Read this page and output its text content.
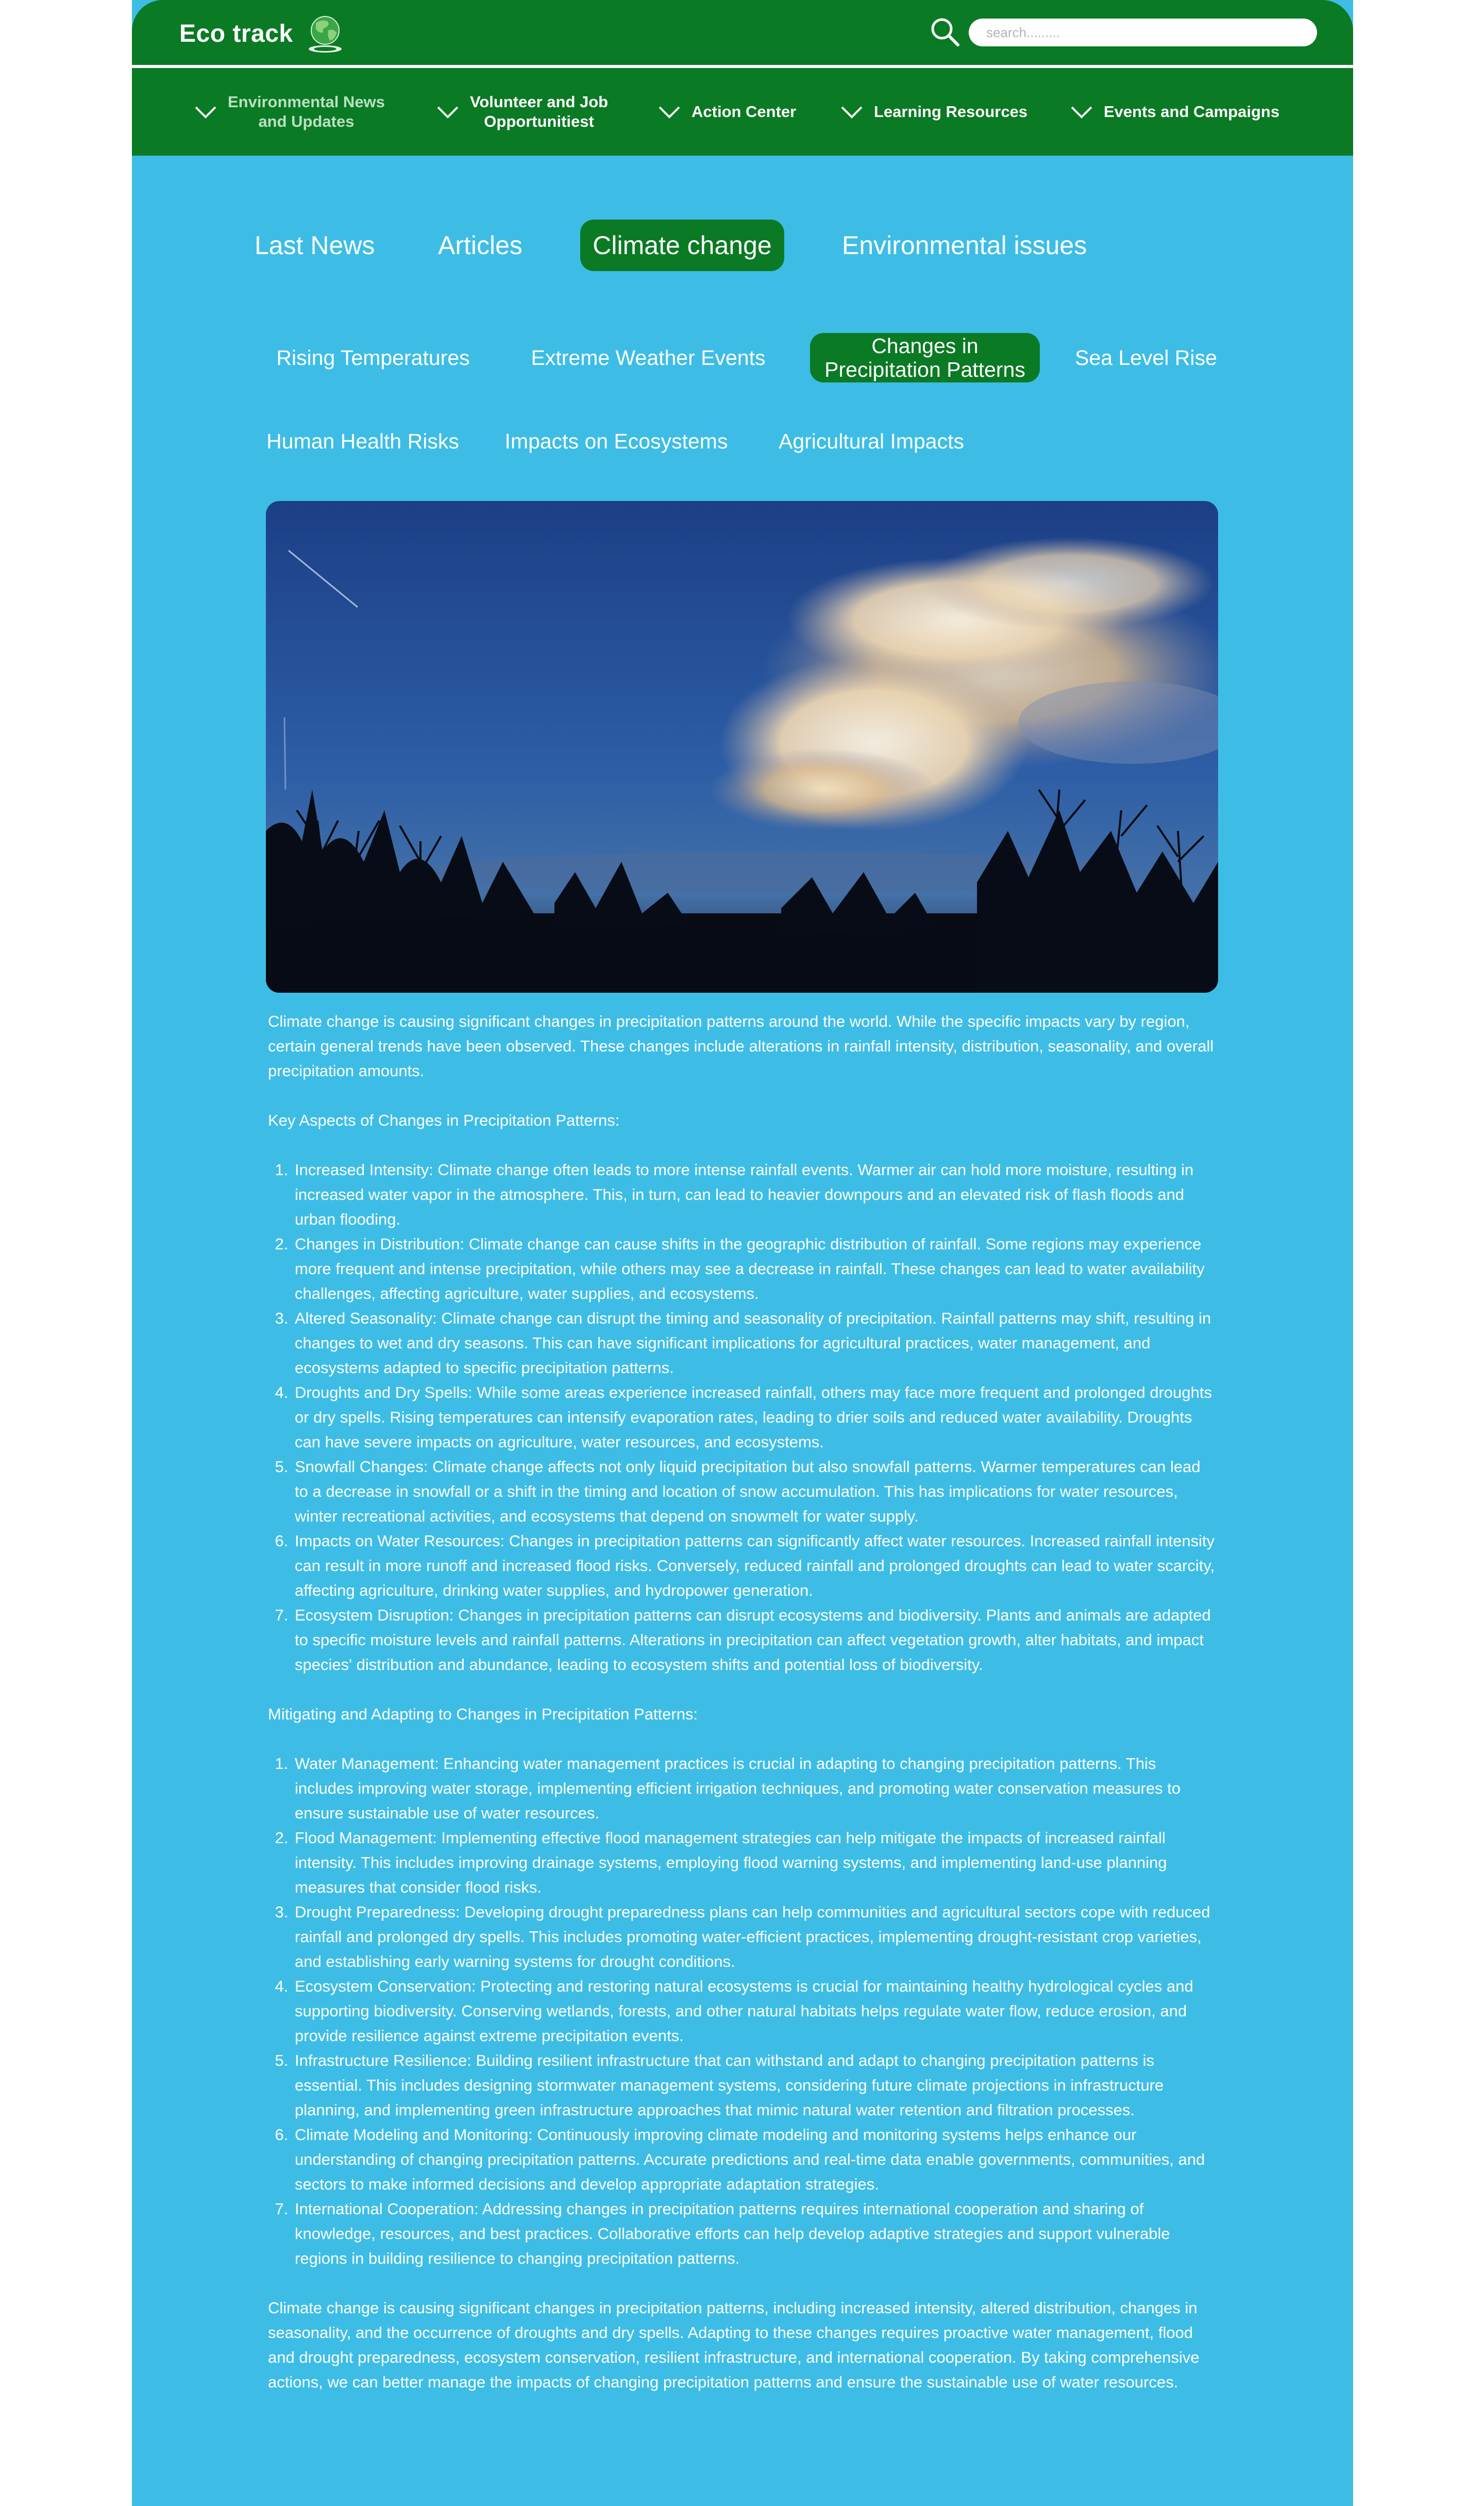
Eco track
search.........
Environmental News
and Updates
Volunteer and Job
Opportunitiest
Action Center	Learning Resources	Events and Campaigns
Last News	Articles	Climate change	Environmental issues
Rising Temperatures	Extreme Weather Events	Changes in
Precipitation Patterns	Sea Level Rise
Human Health Risks	Impacts on Ecosystems	Agricultural Impacts

Climate change is causing significant changes in precipitation patterns around the world. While the specific impacts vary by region, certain general trends have been observed. These changes include alterations in rainfall intensity, distribution, seasonality, and overall precipitation amounts.

Key Aspects of Changes in Precipitation Patterns:

1. Increased Intensity: Climate change often leads to more intense rainfall events. Warmer air can hold more moisture, resulting in increased water vapor in the atmosphere. This, in turn, can lead to heavier downpours and an elevated risk of flash floods and urban flooding.
2. Changes in Distribution: Climate change can cause shifts in the geographic distribution of rainfall. Some regions may experience more frequent and intense precipitation, while others may see a decrease in rainfall. These changes can lead to water availability challenges, affecting agriculture, water supplies, and ecosystems.
3. Altered Seasonality: Climate change can disrupt the timing and seasonality of precipitation. Rainfall patterns may shift, resulting in changes to wet and dry seasons. This can have significant implications for agricultural practices, water management, and ecosystems adapted to specific precipitation patterns.
4. Droughts and Dry Spells: While some areas experience increased rainfall, others may face more frequent and prolonged droughts or dry spells. Rising temperatures can intensify evaporation rates, leading to drier soils and reduced water availability. Droughts can have severe impacts on agriculture, water resources, and ecosystems.
5. Snowfall Changes: Climate change affects not only liquid precipitation but also snowfall patterns. Warmer temperatures can lead to a decrease in snowfall or a shift in the timing and location of snow accumulation. This has implications for water resources, winter recreational activities, and ecosystems that depend on snowmelt for water supply.
6. Impacts on Water Resources: Changes in precipitation patterns can significantly affect water resources. Increased rainfall intensity can result in more runoff and increased flood risks. Conversely, reduced rainfall and prolonged droughts can lead to water scarcity, affecting agriculture, drinking water supplies, and hydropower generation.
7. Ecosystem Disruption: Changes in precipitation patterns can disrupt ecosystems and biodiversity. Plants and animals are adapted to specific moisture levels and rainfall patterns. Alterations in precipitation can affect vegetation growth, alter habitats, and impact species' distribution and abundance, leading to ecosystem shifts and potential loss of biodiversity.

Mitigating and Adapting to Changes in Precipitation Patterns:

1. Water Management: Enhancing water management practices is crucial in adapting to changing precipitation patterns. This includes improving water storage, implementing efficient irrigation techniques, and promoting water conservation measures to ensure sustainable use of water resources.
2. Flood Management: Implementing effective flood management strategies can help mitigate the impacts of increased rainfall intensity. This includes improving drainage systems, employing flood warning systems, and implementing land-use planning measures that consider flood risks.
3. Drought Preparedness: Developing drought preparedness plans can help communities and agricultural sectors cope with reduced rainfall and prolonged dry spells. This includes promoting water-efficient practices, implementing drought-resistant crop varieties, and establishing early warning systems for drought conditions.
4. Ecosystem Conservation: Protecting and restoring natural ecosystems is crucial for maintaining healthy hydrological cycles and supporting biodiversity. Conserving wetlands, forests, and other natural habitats helps regulate water flow, reduce erosion, and provide resilience against extreme precipitation events.
5. Infrastructure Resilience: Building resilient infrastructure that can withstand and adapt to changing precipitation patterns is essential. This includes designing stormwater management systems, considering future climate projections in infrastructure planning, and implementing green infrastructure approaches that mimic natural water retention and filtration processes.
6. Climate Modeling and Monitoring: Continuously improving climate modeling and monitoring systems helps enhance our understanding of changing precipitation patterns. Accurate predictions and real-time data enable governments, communities, and sectors to make informed decisions and develop appropriate adaptation strategies.
7. International Cooperation: Addressing changes in precipitation patterns requires international cooperation and sharing of knowledge, resources, and best practices. Collaborative efforts can help develop adaptive strategies and support vulnerable regions in building resilience to changing precipitation patterns.

Climate change is causing significant changes in precipitation patterns, including increased intensity, altered distribution, changes in seasonality, and the occurrence of droughts and dry spells. Adapting to these changes requires proactive water management, flood and drought preparedness, ecosystem conservation, resilient infrastructure, and international cooperation. By taking comprehensive actions, we can better manage the impacts of changing precipitation patterns and ensure the sustainable use of water resources.
